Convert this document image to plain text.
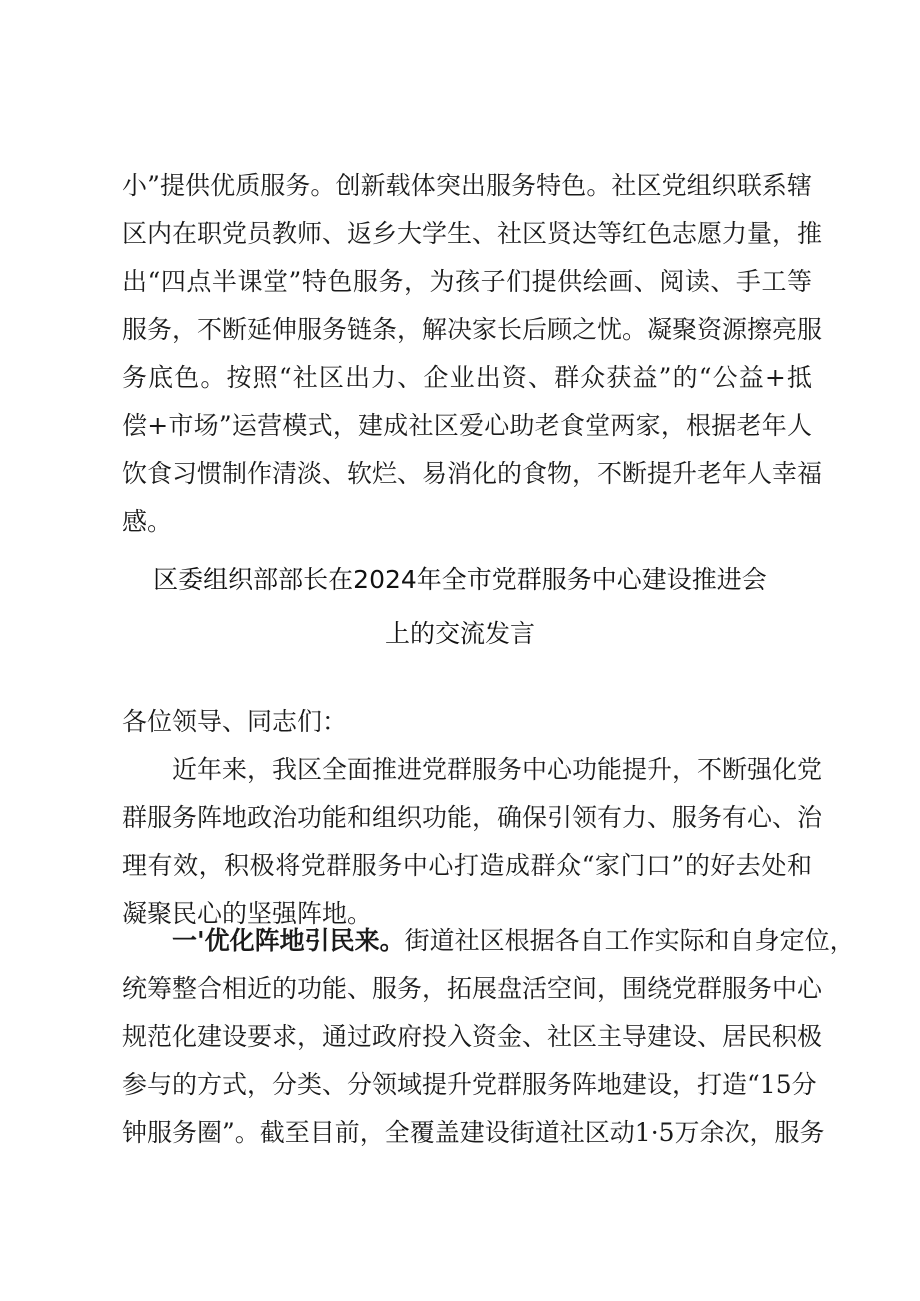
小”提供优质服务。创新载体突出服务特色。社区党组织联系辖
区内在职党员教师、返乡大学生、社区贤达等红色志愿力量，推
出“四点半课堂”特色服务，为孩子们提供绘画、阅读、手工等
服务，不断延伸服务链条，解决家长后顾之忧。凝聚资源擦亮服
务底色。按照“社区出力、企业出资、群众获益”的“公益+抵
偿+市场”运营模式，建成社区爱心助老食堂两家，根据老年人
饮食习惯制作清淡、软烂、易消化的食物，不断提升老年人幸福
感。
区委组织部部长在2024年全市党群服务中心建设推进会
上的交流发言
各位领导、同志们：
近年来，我区全面推进党群服务中心功能提升，不断强化党
群服务阵地政治功能和组织功能，确保引领有力、服务有心、治
理有效，积极将党群服务中心打造成群众“家门口”的好去处和
凝聚民心的坚强阵地。
一'优化阵地引民来。街道社区根据各自工作实际和自身定位，
统筹整合相近的功能、服务，拓展盘活空间，围绕党群服务中心
规范化建设要求，通过政府投入资金、社区主导建设、居民积极
参与的方式，分类、分领域提升党群服务阵地建设，打造“15分
钟服务圈”。截至目前，全覆盖建设街道社区动1·5万余次，服务
